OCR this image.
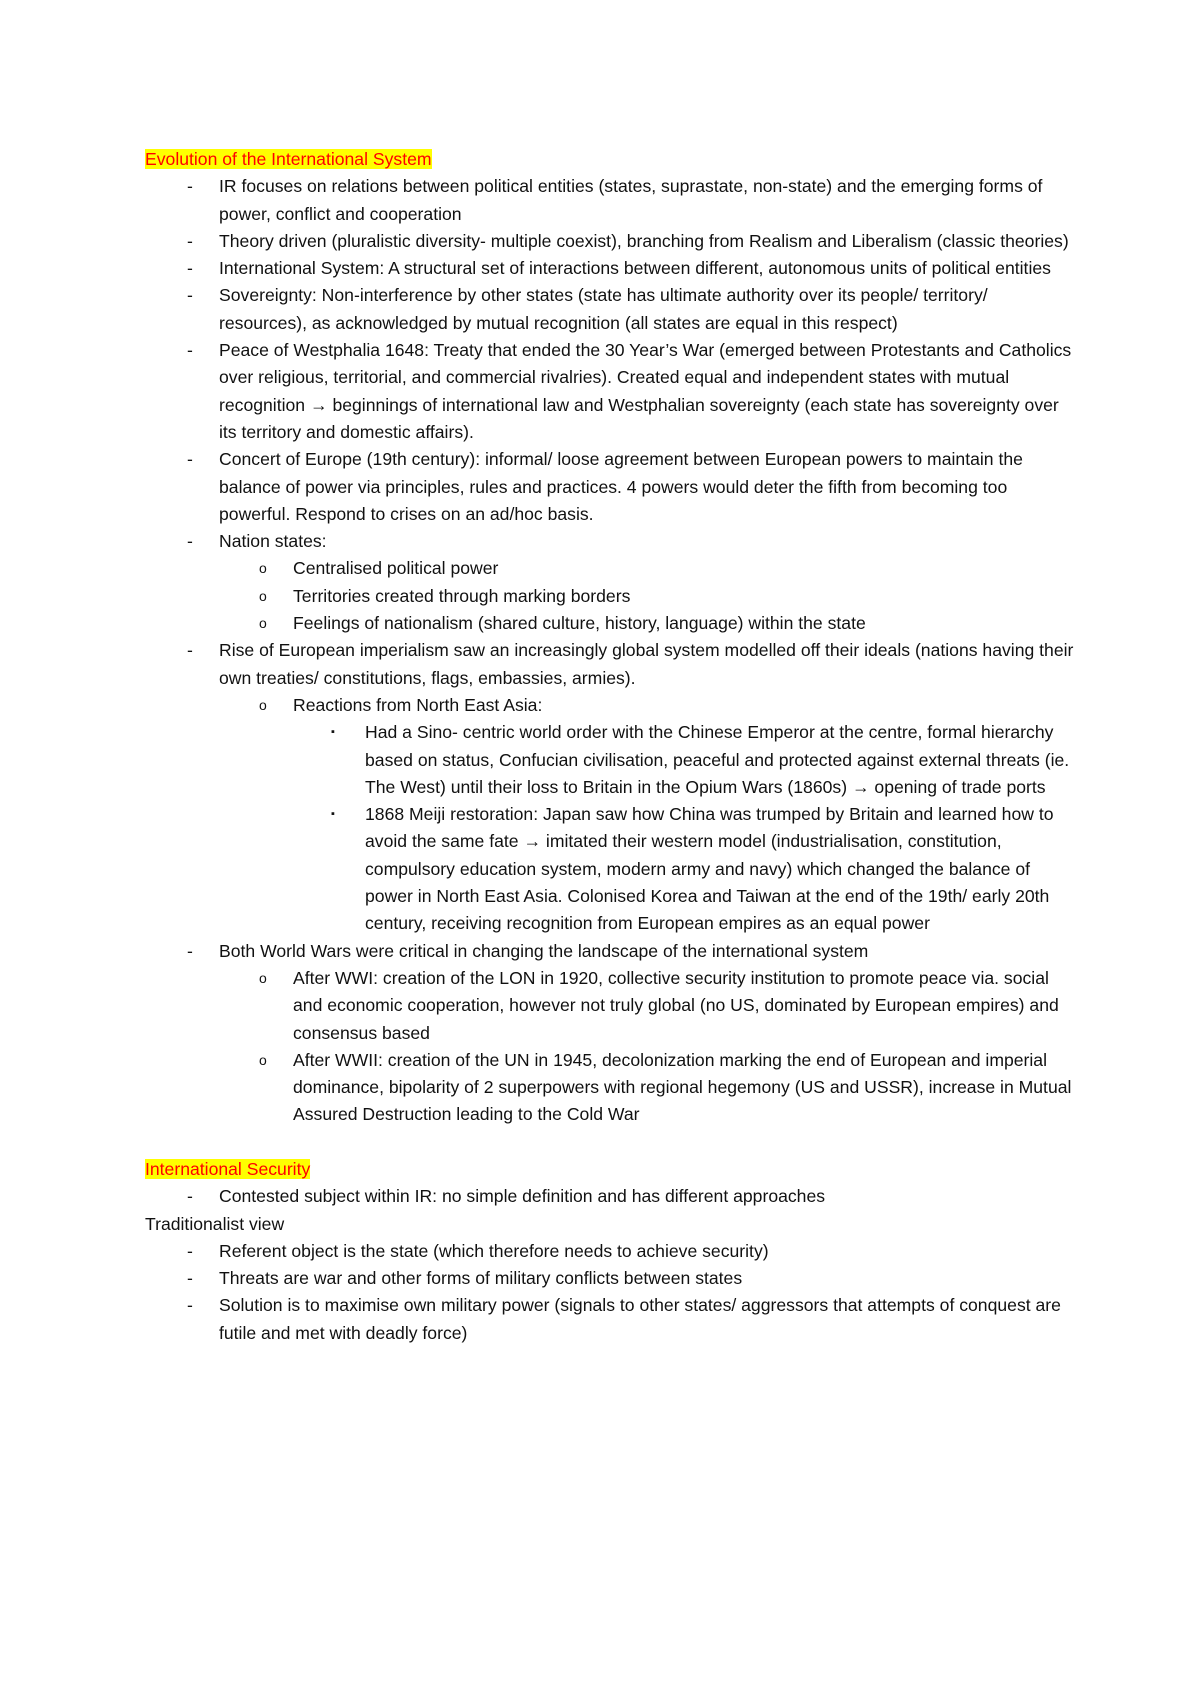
Evolution of the International System

- IR focuses on relations between political entities (states, suprastate, non-state) and the emerging forms of power, conflict and cooperation
- Theory driven (pluralistic diversity- multiple coexist), branching from Realism and Liberalism (classic theories)
- International System: A structural set of interactions between different, autonomous units of political entities
- Sovereignty: Non-interference by other states (state has ultimate authority over its people/ territory/ resources), as acknowledged by mutual recognition (all states are equal in this respect)
- Peace of Westphalia 1648: Treaty that ended the 30 Year’s War (emerged between Protestants and Catholics over religious, territorial, and commercial rivalries). Created equal and independent states with mutual recognition → beginnings of international law and Westphalian sovereignty (each state has sovereignty over its territory and domestic affairs).
- Concert of Europe (19th century): informal/ loose agreement between European powers to maintain the balance of power via principles, rules and practices. 4 powers would deter the fifth from becoming too powerful. Respond to crises on an ad/hoc basis.
- Nation states:
o Centralised political power
o Territories created through marking borders
o Feelings of nationalism (shared culture, history, language) within the state
- Rise of European imperialism saw an increasingly global system modelled off their ideals (nations having their own treaties/ constitutions, flags, embassies, armies).
o Reactions from North East Asia:
▪ Had a Sino- centric world order with the Chinese Emperor at the centre, formal hierarchy based on status, Confucian civilisation, peaceful and protected against external threats (ie. The West) until their loss to Britain in the Opium Wars (1860s) → opening of trade ports
▪ 1868 Meiji restoration: Japan saw how China was trumped by Britain and learned how to avoid the same fate → imitated their western model (industrialisation, constitution, compulsory education system, modern army and navy) which changed the balance of power in North East Asia. Colonised Korea and Taiwan at the end of the 19th/ early 20th century, receiving recognition from European empires as an equal power
- Both World Wars were critical in changing the landscape of the international system
o After WWI: creation of the LON in 1920, collective security institution to promote peace via. social and economic cooperation, however not truly global (no US, dominated by European empires) and consensus based
o After WWII: creation of the UN in 1945, decolonization marking the end of European and imperial dominance, bipolarity of 2 superpowers with regional hegemony (US and USSR), increase in Mutual Assured Destruction leading to the Cold War

International Security

- Contested subject within IR: no simple definition and has different approaches

Traditionalist view

- Referent object is the state (which therefore needs to achieve security)
- Threats are war and other forms of military conflicts between states
- Solution is to maximise own military power (signals to other states/ aggressors that attempts of conquest are futile and met with deadly force)
